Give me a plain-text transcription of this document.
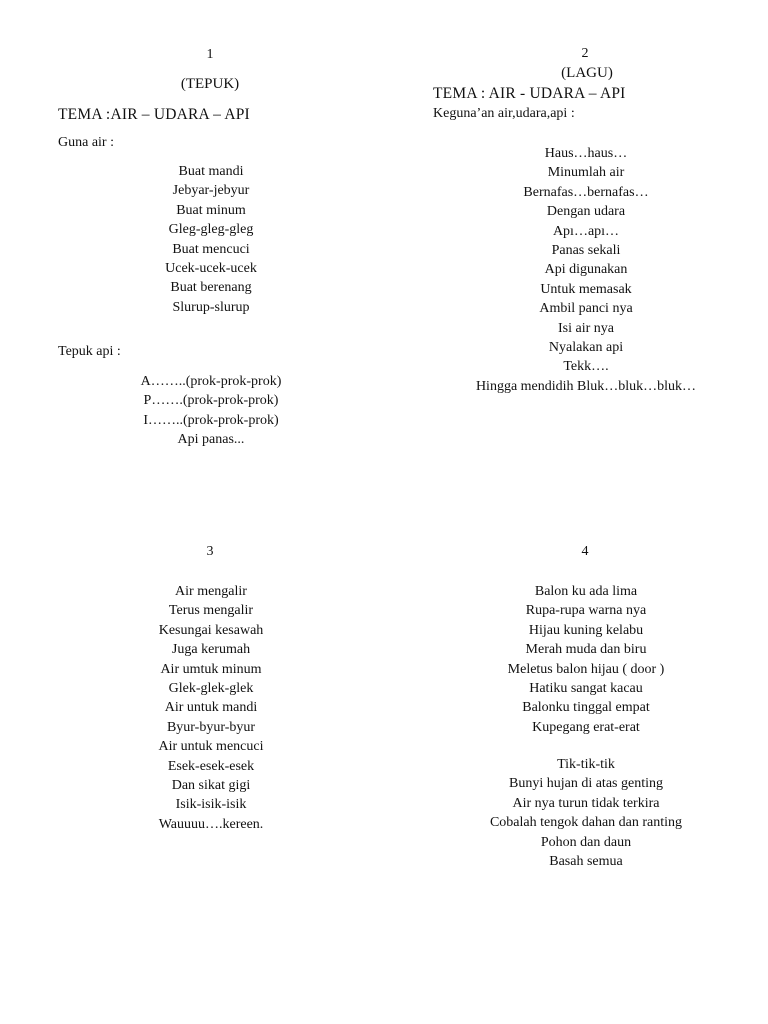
1
(TEPUK)
TEMA :AIR – UDARA – API
Guna air :
Buat mandi
Jebyar-jebyur
Buat minum
Gleg-gleg-gleg
Buat mencuci
Ucek-ucek-ucek
Buat berenang
Slurup-slurup
Tepuk api :
A……..(prok-prok-prok)
P…….(prok-prok-prok)
I……..(prok-prok-prok)
Api panas...
2
(LAGU)
TEMA : AIR - UDARA – API
Keguna’an air,udara,api :
Haus…haus…
Minumlah air
Bernafas…bernafas…
Dengan udara
Apı…apı…
Panas sekali
Api digunakan
Untuk memasak
Ambil panci nya
Isi air nya
Nyalakan api
Tekk….
Hingga mendidih Bluk…bluk…bluk…
3
Air mengalir
Terus mengalir
Kesungai kesawah
Juga kerumah
Air umtuk minum
Glek-glek-glek
Air untuk mandi
Byur-byur-byur
Air untuk mencuci
Esek-esek-esek
Dan sikat gigi
Isik-isik-isik
Wauuuu….kereen.
4
Balon ku ada lima
Rupa-rupa warna nya
Hijau kuning kelabu
Merah muda dan biru
Meletus balon hijau ( door )
Hatiku sangat kacau
Balonku tinggal empat
Kupegang erat-erat
Tik-tik-tik
Bunyi hujan di atas genting
Air nya turun tidak terkira
Cobalah tengok dahan dan ranting
Pohon dan daun
Basah semua
